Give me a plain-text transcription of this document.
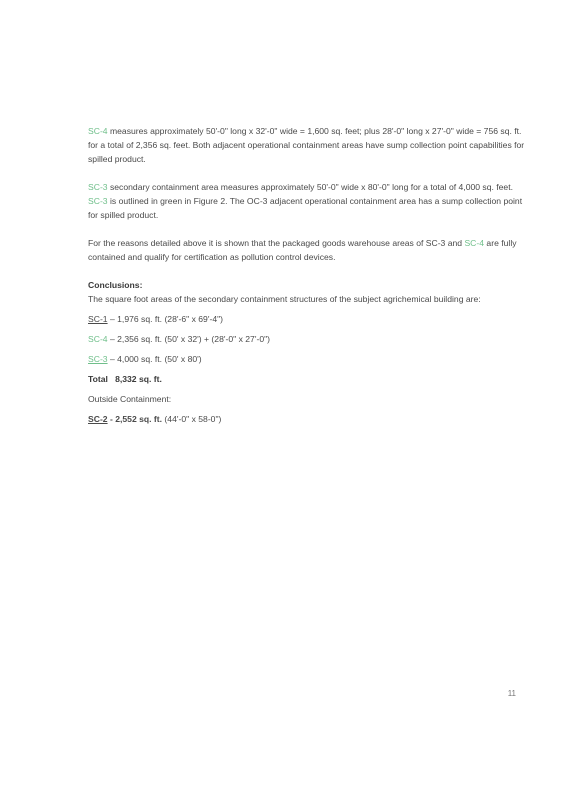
SC-4 measures approximately 50'-0" long x 32'-0" wide = 1,600 sq. feet; plus 28'-0" long x 27'-0" wide = 756 sq. ft. for a total of 2,356 sq. feet. Both adjacent operational containment areas have sump collection point capabilities for spilled product.

SC-3 secondary containment area measures approximately 50'-0" wide x 80'-0" long for a total of 4,000 sq. feet. SC-3 is outlined in green in Figure 2. The OC-3 adjacent operational containment area has a sump collection point for spilled product.

For the reasons detailed above it is shown that the packaged goods warehouse areas of SC-3 and SC-4 are fully contained and qualify for certification as pollution control devices.

Conclusions:

The square foot areas of the secondary containment structures of the subject agrichemical building are:

SC-1 – 1,976 sq. ft. (28'-6" x 69'-4")

SC-4 – 2,356 sq. ft. (50' x 32') + (28'-0" x 27'-0")

SC-3 – 4,000 sq. ft. (50' x 80')

Total 8,332 sq. ft.

Outside Containment:

SC-2 - 2,552 sq. ft. (44'-0" x 58-0")

11
